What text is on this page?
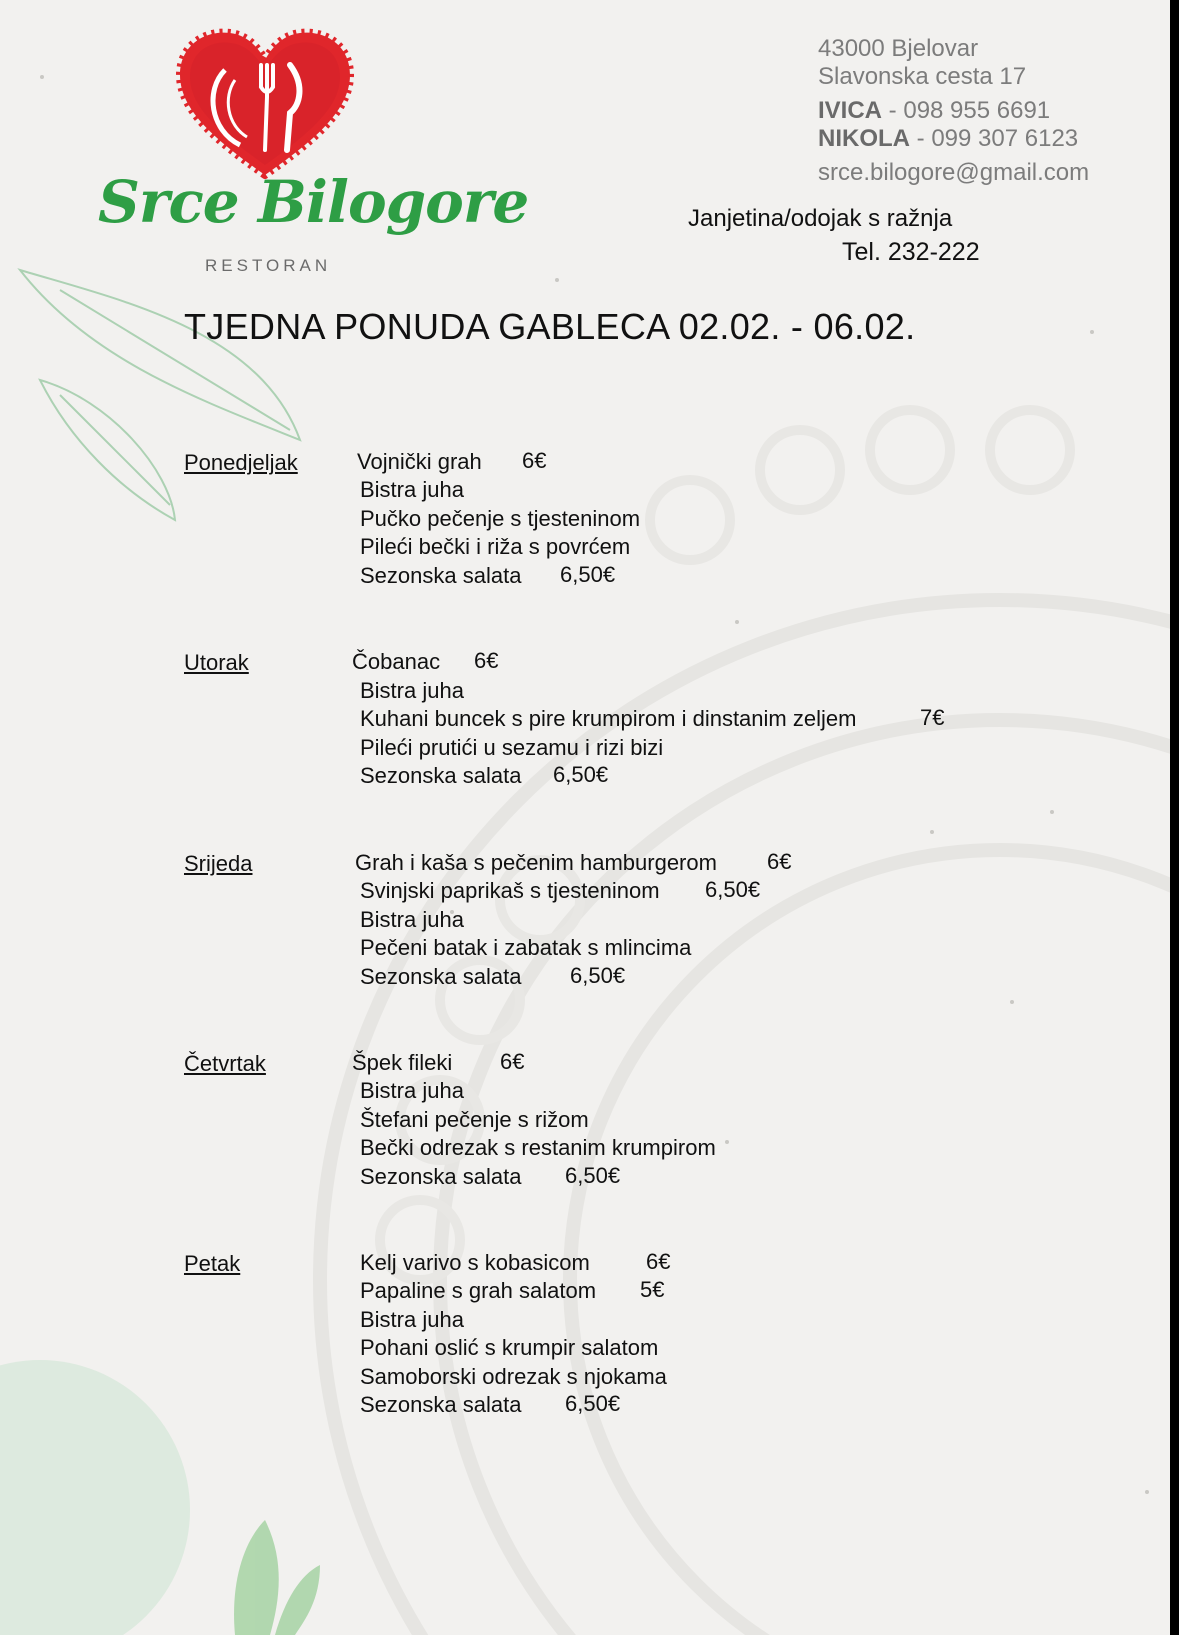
Srce Bilogore
RESTORAN
43000 Bjelovar
Slavonska cesta 17
IVICA - 098 955 6691
NIKOLA - 099 307 6123
srce.bilogore@gmail.com
Janjetina/odojak s ražnja
Tel. 232-222
TJEDNA PONUDA GABLECA 02.02. - 06.02.
Ponedjeljak	Vojnički grah 6€
Bistra juha
Pučko pečenje s tjesteninom
Pileći bečki i riža s povrćem
Sezonska salata 6,50€
Utorak	Čobanac 6€
Bistra juha
Kuhani buncek s pire krumpirom i dinstanim zeljem	7€
Pileći prutići u sezamu i rizi bizi
Sezonska salata 6,50€
Srijeda	Grah i kaša s pečenim hamburgerom 6€
Svinjski paprikaš s tjesteninom 6,50€
Bistra juha
Pečeni batak i zabatak s mlincima
Sezonska salata 6,50€
Četvrtak	Špek fileki 6€
Bistra juha
Štefani pečenje s rižom
Bečki odrezak s restanim krumpirom
Sezonska salata 6,50€
Petak	Kelj varivo s kobasicom	6€
Papaline s grah salatom 5€
Bistra juha
Pohani oslić s krumpir salatom
Samoborski odrezak s njokama
Sezonska salata 6,50€
